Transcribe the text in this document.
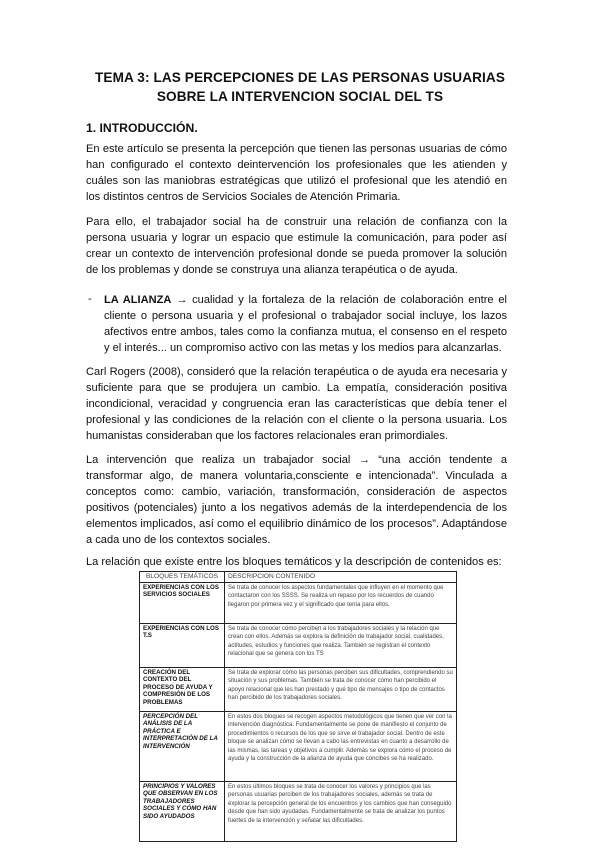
TEMA 3: LAS PERCEPCIONES DE LAS PERSONAS USUARIAS
SOBRE LA INTERVENCION SOCIAL DEL TS
1. INTRODUCCIÓN.

En este artículo se presenta la percepción que tienen las personas usuarias de cómo han configurado el contexto deintervención los profesionales que les atienden y cuáles son las maniobras estratégicas que utilizó el profesional que les atendió en los distintos centros de Servicios Sociales de Atención Primaria.

Para ello, el trabajador social ha de construir una relación de confianza con la persona usuaria y lograr un espacio que estimule la comunicación, para poder así crear un contexto de intervención profesional donde se pueda promover la solución de los problemas y donde se construya una alianza terapéutica o de ayuda.

- LA ALIANZA → cualidad y la fortaleza de la relación de colaboración entre el cliente o persona usuaria y el profesional o trabajador social incluye, los lazos afectivos entre ambos, tales como la confianza mutua, el consenso en el respeto y el interés... un compromiso activo con las metas y los medios para alcanzarlas.

Carl Rogers (2008), consideró que la relación terapéutica o de ayuda era necesaria y suficiente para que se produjera un cambio. La empatía, consideración positiva incondicional, veracidad y congruencia eran las características que debía tener el profesional y las condiciones de la relación con el cliente o la persona usuaria. Los humanistas consideraban que los factores relacionales eran primordiales.

La intervención que realiza un trabajador social → “una acción tendente a transformar algo, de manera voluntaria,consciente e intencionada”. Vinculada a conceptos como: cambio, variación, transformación, consideración de aspectos positivos (potenciales) junto a los negativos además de la interdependencia de los elementos implicados, así como el equilibrio dinámico de los procesos”. Adaptándose a cada uno de los contextos sociales.

La relación que existe entre los bloques temáticos y la descripción de contenidos es:

BLOQUES TEMÁTICOS	DESCRIPCION CONTENIDO
EXPERIENCIAS CON LOS SERVICIOS SOCIALES	Se trata de conocer los aspectos fundamentales que influyen en el momento que contactaron con los SSSS. Se realiza un repaso por los recuerdos de cuando llegaron por primera vez y el significado que tenía para ellos.
EXPERIENCIAS CON LOS T.S	Se trata de conocer cómo perciben a los trabajadores sociales y la relación que crean con ellos. Además se explora la definición de trabajador social, cualidades, actitudes, estudios y funciones que realiza. También se registran el contexto relacional que se genera con los TS
CREACIÓN DEL CONTEXTO DEL PROCESO DE AYUDA Y COMPRESIÓN DE LOS PROBLEMAS	Se trata de explorar cómo las personas perciben sus dificultades, comprendiendo su situación y sus problemas. También se trata de conocer cómo han percibido el apoyo relacional que les han prestado y qué tipo de mensajes o tipo de contactos han percibido de los trabajadores sociales.
PERCEPCIÓN DEL ANÁLISIS DE LA PRÁCTICA E INTERPRETACIÓN DE LA INTERVENCIÓN	En estos dos bloques se recogen aspectos metodológicos que tienen que ver con la intervención diagnóstica. Fundamentalmente se pone de manifiesto el conjunto de procedimientos o recursos de los que se sirve el trabajador social. Dentro de este bloque se analizan cómo se llevan a cabo las entrevistas en cuanto a desarrollo de las mismas, las tareas y objetivos a cumplir. Además se explora cómo el proceso de ayuda y la construcción de la alianza de ayuda que concibes se ha realizado.
PRINCIPIOS Y VALORES QUE OBSERVAN EN LOS TRABAJADORES SOCIALES Y CÓMO HAN SIDO AYUDADOS	En estos últimos bloques se trata de conocer los valores y principios que las personas usuarias perciben de los trabajadores sociales, además se trata de explorar la percepción general de los encuentros y los cambios que han conseguido desde que han sido ayudadas. Fundamentalmente se trata de analizar los puntos fuertes de la intervención y señalar las dificultades.
